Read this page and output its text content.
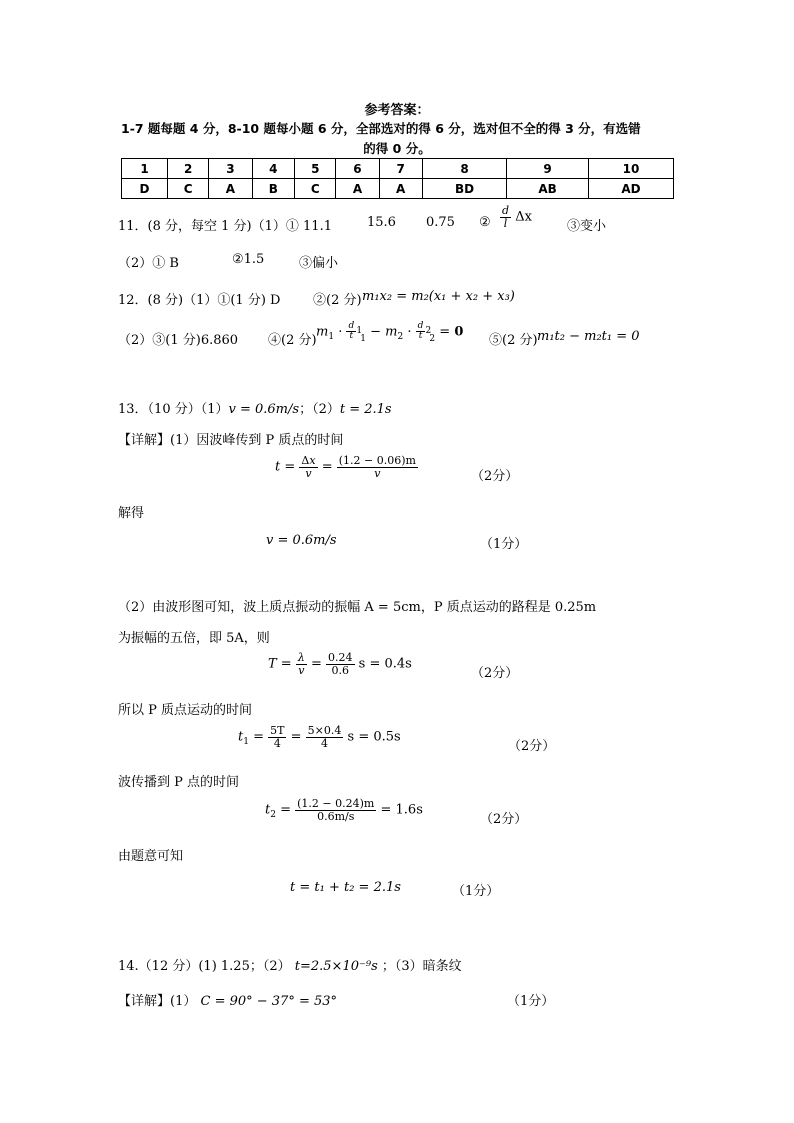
参考答案：
1-7 题每题 4 分，8-10 题每小题 6 分，全部选对的得 6 分，选对但不全的得 3 分，有选错
的得 0 分。
1	2	3	4	5	6	7	8	9	10
D	C	A	B	C	A	A	BD	AB	AD
11．(8 分，每空 1 分)（1）① 11.1	15.6 0.75 ② $\frac{d}{l}$ Δx
③变小
（2）① B	②1.5	③偏小
12．(8 分)（1）①(1 分) D	②(2 分) m₁x₂ = m₂(x₁ + x₂ + x₃)
（2）③(1 分)6.860 ④(2 分)
$m_1 \cdot \frac{d}{t} 1$ $_1 - m_2 \cdot \frac{d}{t} 2$ $_2$ = 0
⑤(2 分) m₁t₂ − m₂t₁ = 0
13．（10 分）（1）v = 0.6m/s；（2）t = 2.1s
【详解】(1）因波峰传到 P 质点的时间
$t = \frac{\Delta x}{v} = \frac{(1.2 - 0.06)m}{v}$	（2分）
解得
v = 0.6m/s	（1分）
（2）由波形图可知，波上质点振动的振幅 A = 5cm，P 质点运动的路程是 0.25m
为振幅的五倍，即 5A，则
$T = \frac{\lambda}{v} = \frac{0.24}{0.6}$ s = 0.4s
（2分）
所以 P 质点运动的时间
$t_1 = \frac{5T}{4} = \frac{5\times 0.4}{4}$ s = 0.5s
（2分）
波传播到 P 点的时间
$t_2 = \frac{(1.2 - 0.24)m}{0.6m/s} = 1.6s$
（2分）
由题意可知
t = t₁ + t₂ = 2.1s	（1分）
14.（12 分）(1) 1.25；（2） t=2.5×10⁻⁹s ；（3）暗条纹
【详解】(1） C = 90° − 37° = 53°	（1分）
